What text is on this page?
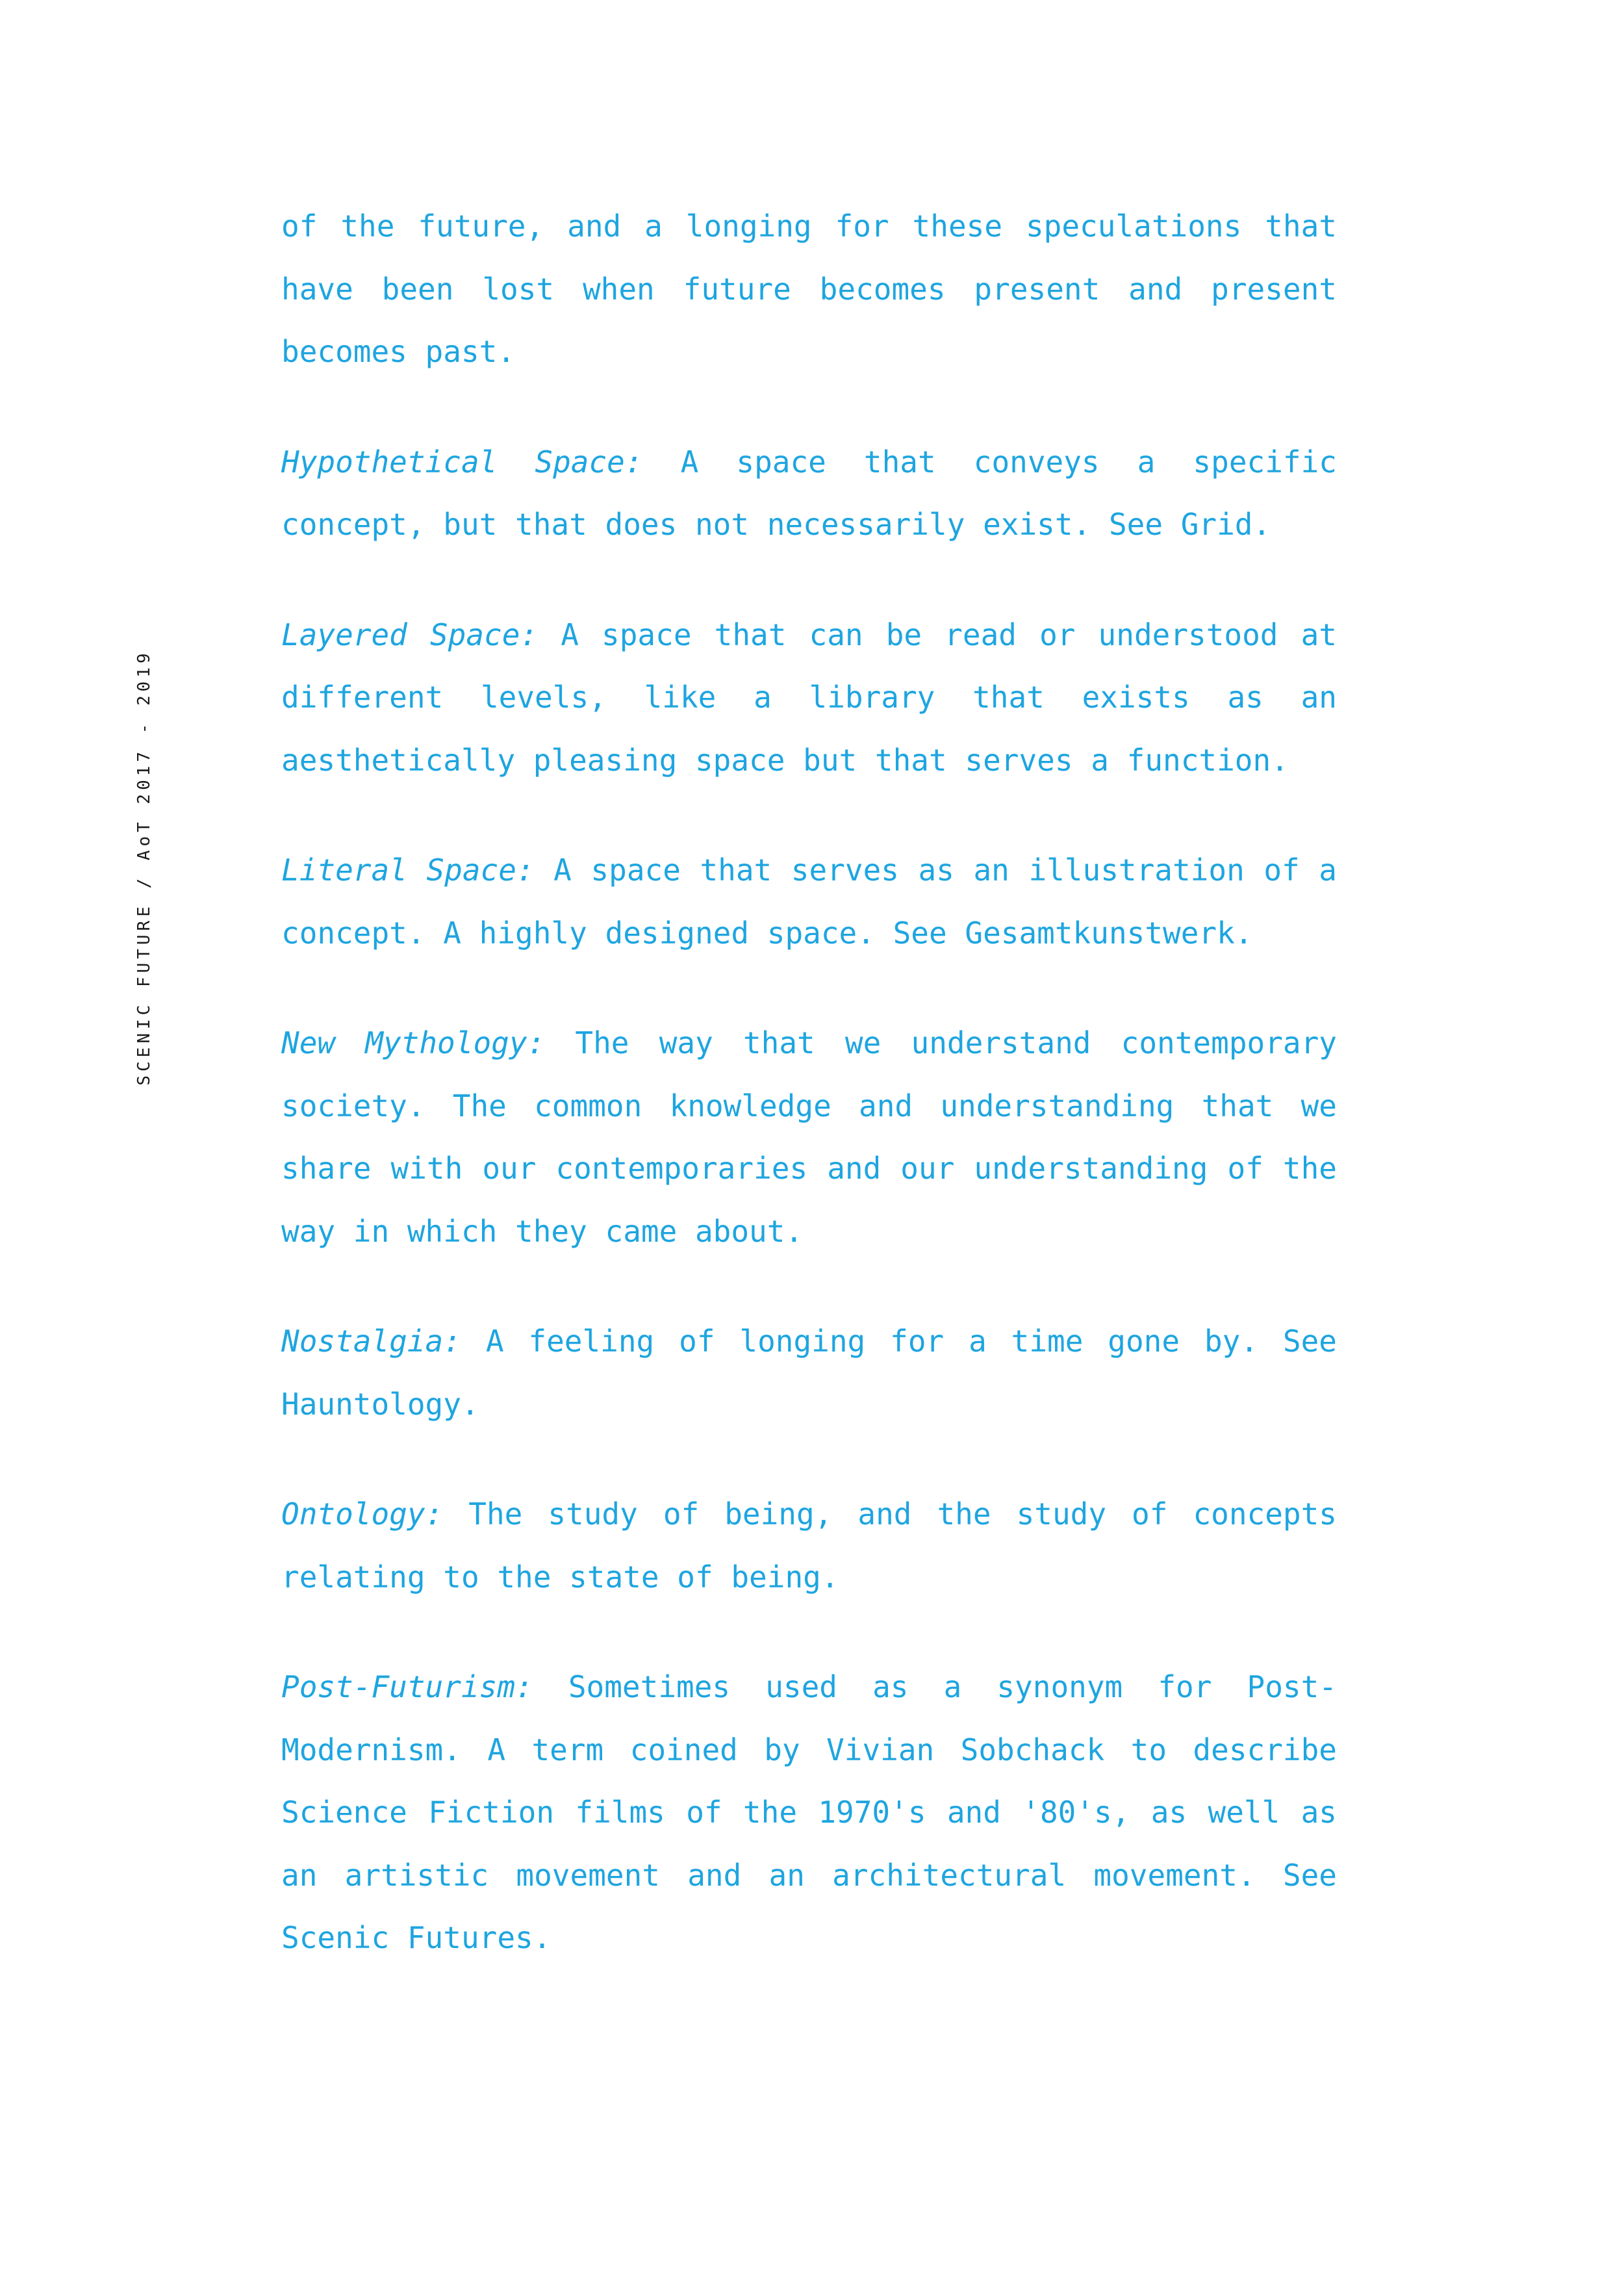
SCENIC FUTURE / AoT 2017 - 2019

of the future, and a longing for these speculations that have been lost when future becomes present and present becomes past.

Hypothetical Space: A space that conveys a specific concept, but that does not necessarily exist. See Grid.

Layered Space: A space that can be read or understood at different levels, like a library that exists as an aesthetically pleasing space but that serves a function.

Literal Space: A space that serves as an illustration of a concept. A highly designed space. See Gesamtkunstwerk.

New Mythology: The way that we understand contemporary society. The common knowledge and understanding that we share with our contemporaries and our understanding of the way in which they came about.

Nostalgia: A feeling of longing for a time gone by. See Hauntology.

Ontology: The study of being, and the study of concepts relating to the state of being.

Post-Futurism: Sometimes used as a synonym for Post-Modernism. A term coined by Vivian Sobchack to describe Science Fiction films of the 1970's and '80's, as well as an artistic movement and an architectural movement. See Scenic Futures.
